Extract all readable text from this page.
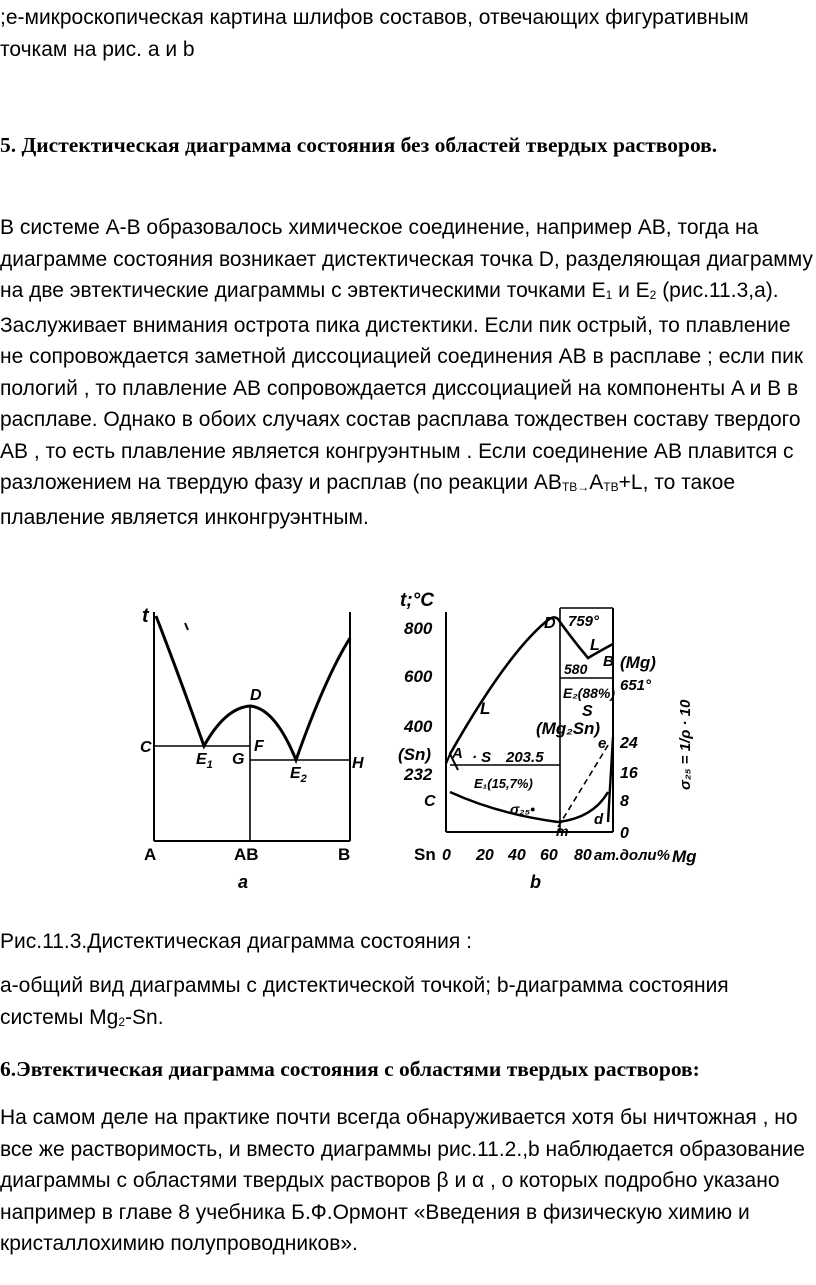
;e-микроскопическая картина шлифов составов, отвечающих фигуративным точкам на рис. a и b

5. Дистектическая диаграмма состояния без областей твердых растворов.

В системе A-B образовалось химическое соединение, например AB, тогда на диаграмме состояния возникает дистектическая точка D, разделяющая диаграмму на две эвтектические диаграммы с эвтектическими точками $E_1$ и $E_2$ (рис.11.3,a). Заслуживает внимания острота пика дистектики. Если пик острый, то плавление не сопровождается заметной диссоциацией соединения AB в расплаве ; если пик пологий , то плавление AB сопровождается диссоциацией на компоненты A и B в расплаве. Однако в обоих случаях состав расплава тождествен составу твердого AB , то есть плавление является конгруэнтным . Если соединение AB плавится с разложением на твердую фазу и расплав (по реакции $AB_{ТВ\to}A_{ТВ}+L$, то такое плавление является инконгруэнтным.

t
C
D
$E_1$ G
F
$E_2$
H
A	AB	B
a
t;°C
800
600
400
(Sn)
232
C
D 759°
L
B (Mg)
651°
580
E₂(88%)
S
(Mg₂Sn)
L
A · S 203.5
E₁(15,7%)
σ₂₅•
m
d
e 24
16
8
0
σ₂₅ = 1/ρ · 10
Sn 0 20 40 60 80 ат.доли% Mg
b

Рис.11.3.Дистектическая диаграмма состояния :

a-общий вид диаграммы с дистектической точкой; b-диаграмма состояния системы $Mg_2-Sn$.

6.Эвтектическая диаграмма состояния с областями твердых растворов:

На самом деле на практике почти всегда обнаруживается хотя бы ничтожная , но все же растворимость, и вместо диаграммы рис.11.2.,b наблюдается образование диаграммы с областями твердых растворов β и α , о которых подробно указано например в главе 8 учебника Б.Ф.Ормонт «Введения в физическую химию и кристаллохимию полупроводников».
